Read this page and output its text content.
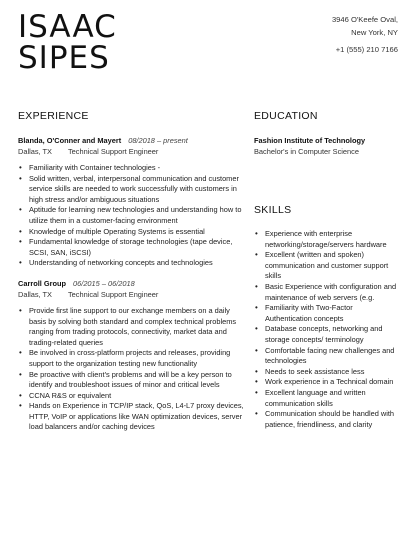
ISAAC
SIPES
3946 O'Keefe Oval,
New York, NY
+1 (555) 210 7166
EXPERIENCE
Blanda, O'Conner and Mayert 08/2018 – present
Dallas, TX Technical Support Engineer
• Familiarity with Container technologies -
• Solid written, verbal, interpersonal communication and customer service skills are needed to work successfully with customers in high stress and/or ambiguous situations
• Aptitude for learning new technologies and understanding how to utilize them in a customer-facing environment
• Knowledge of multiple Operating Systems is essential
• Fundamental knowledge of storage technologies (tape device, SCSI, SAN, iSCSI)
• Understanding of networking concepts and technologies
Carroll Group 06/2015 – 06/2018
Dallas, TX Technical Support Engineer
• Provide first line support to our exchange members on a daily basis by solving both standard and complex technical problems ranging from trading protocols, connectivity, market data and trading-related queries
• Be involved in cross-platform projects and releases, providing support to the organization testing new functionality
• Be proactive with client's problems and will be a key person to identify and troubleshoot issues of minor and critical levels
• CCNA R&S or equivalent
• Hands on Experience in TCP/IP stack, QoS, L4-L7 proxy devices, HTTP, VoIP or applications like WAN optimization devices, server load balancers and/or caching devices
EDUCATION
Fashion Institute of Technology
Bachelor's in Computer Science
SKILLS
• Experience with enterprise networking/storage/servers hardware
• Excellent (written and spoken) communication and customer support skills
• Basic Experience with configuration and maintenance of web servers (e.g.
• Familiarity with Two-Factor Authentication concepts
• Database concepts, networking and storage concepts/ terminology
• Comfortable facing new challenges and technologies
• Needs to seek assistance less
• Work experience in a Technical domain
• Excellent language and written communication skills
• Communication should be handled with patience, friendliness, and clarity
